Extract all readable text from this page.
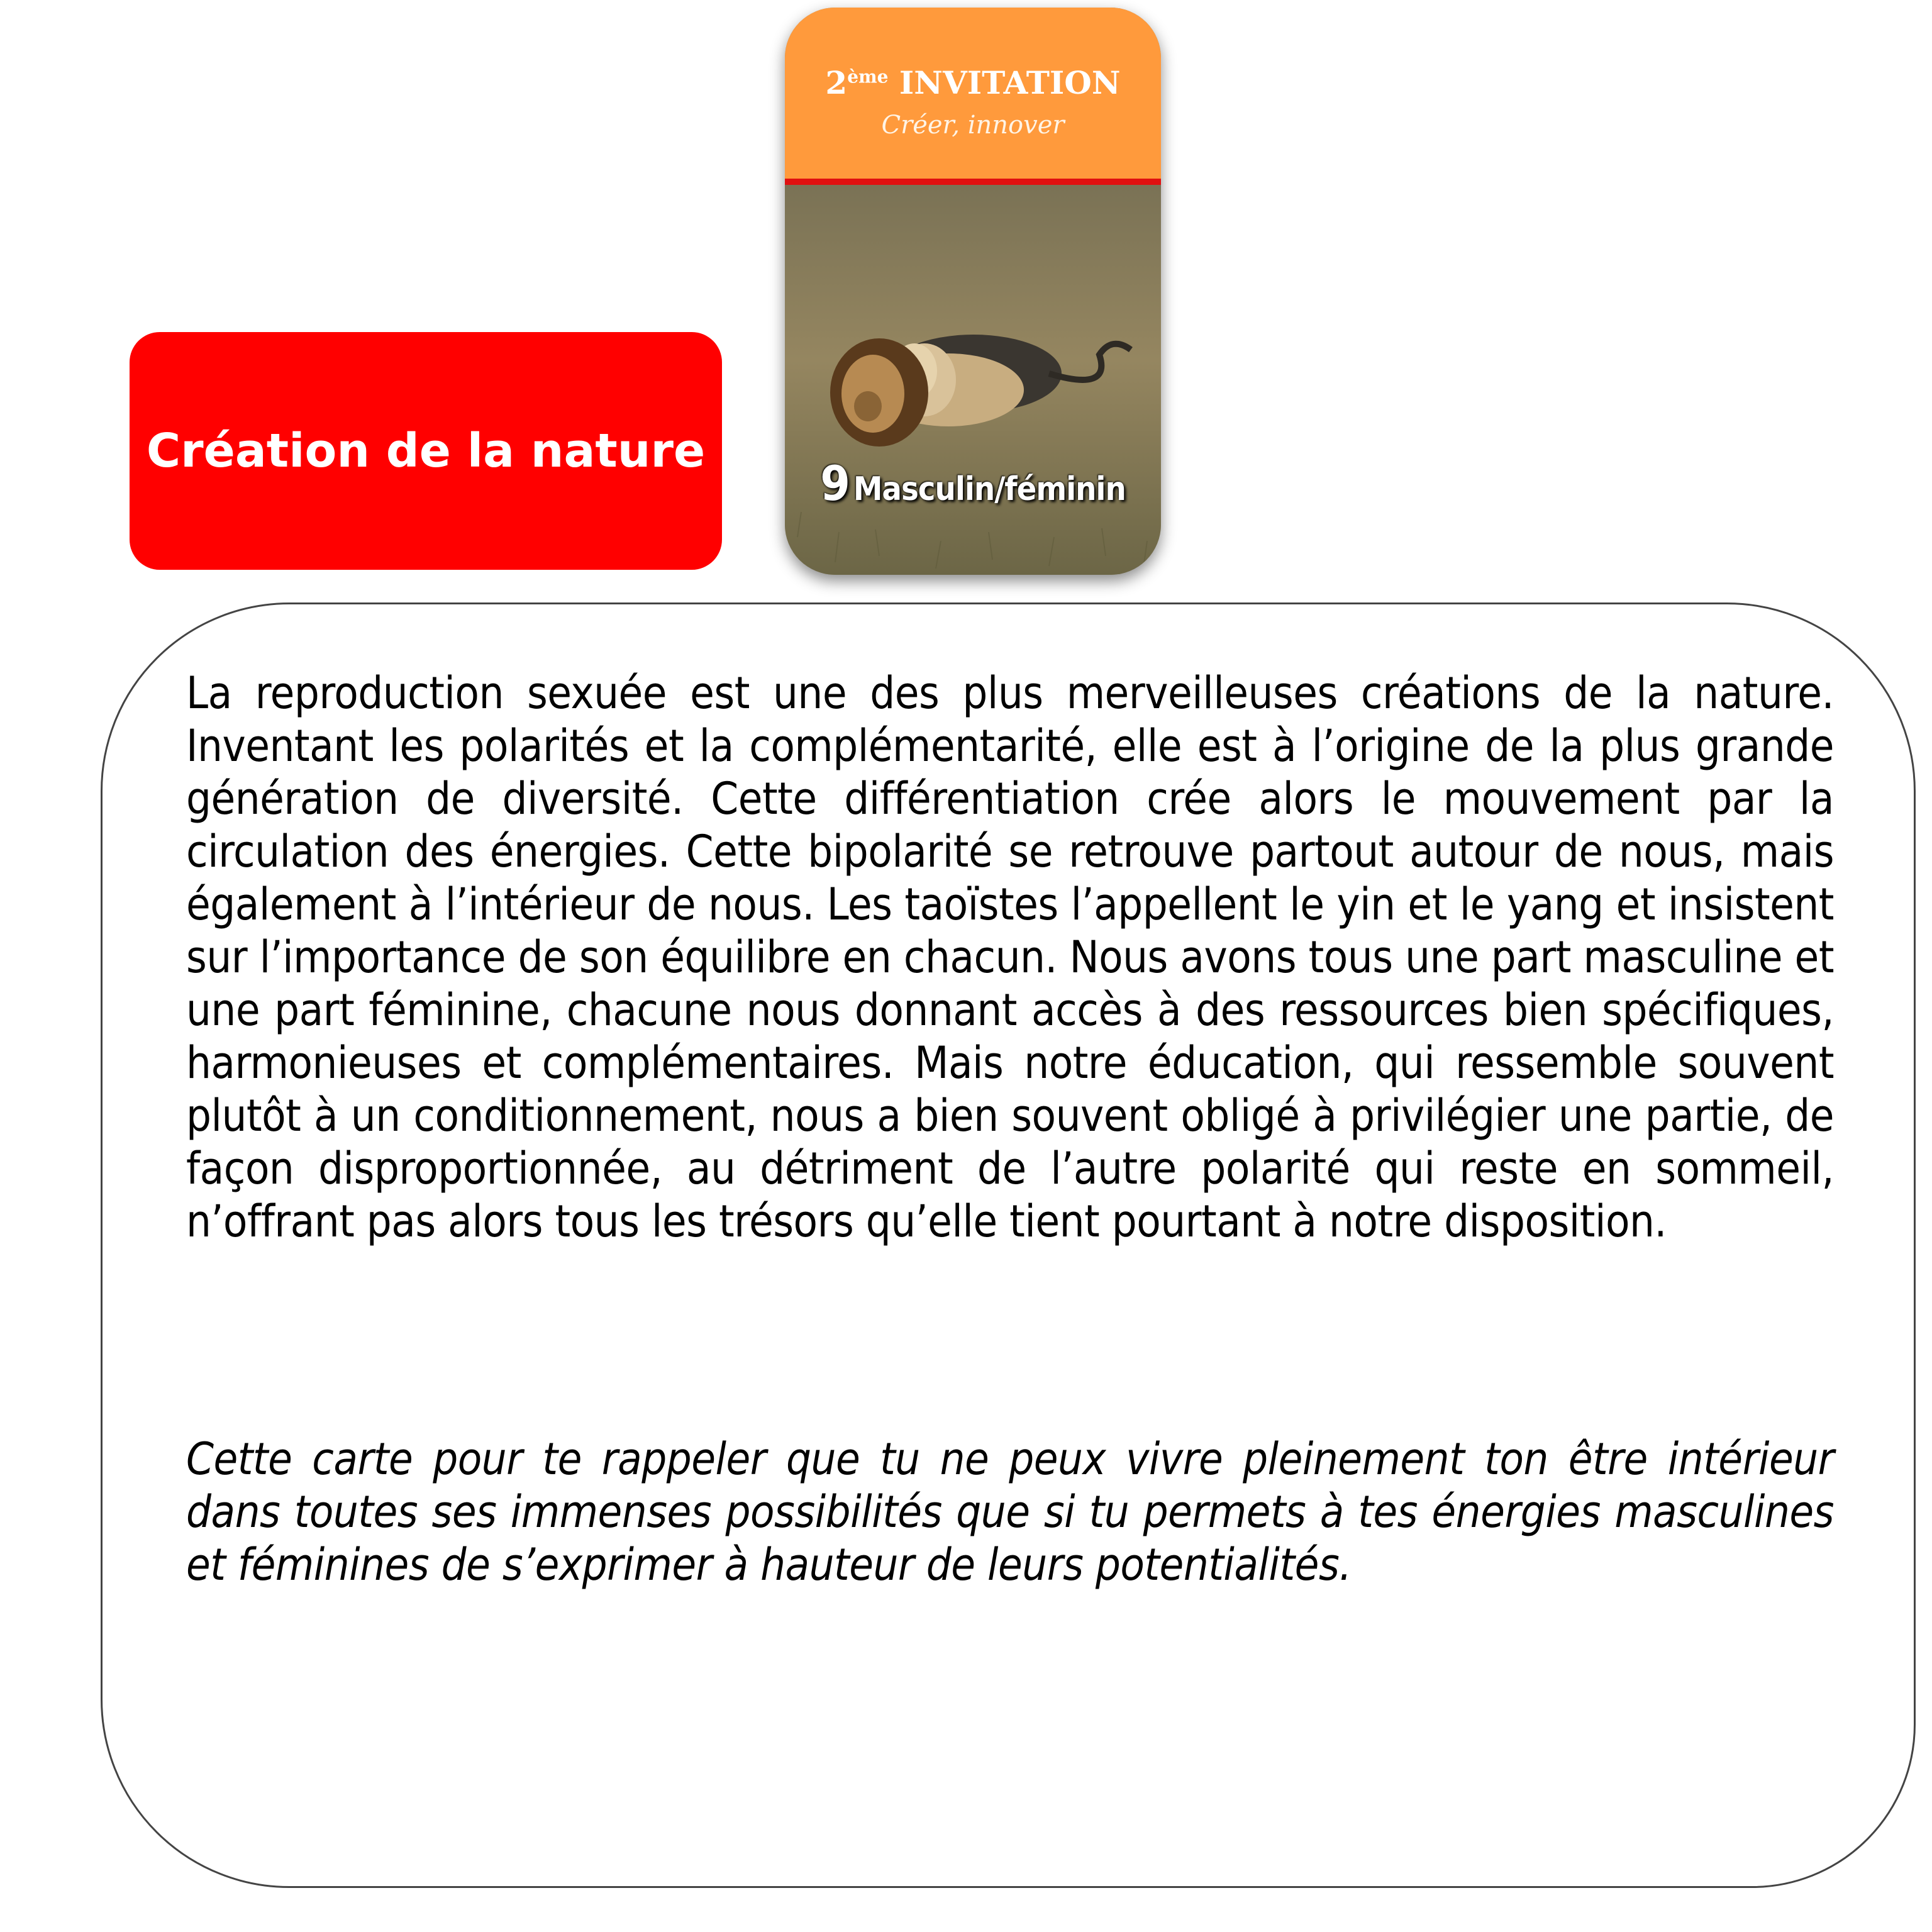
Création de la nature
2ème INVITATION
Créer, innover
9 Masculin/féminin

La reproduction sexuée est une des plus merveilleuses créations de la nature. Inventant les polarités et la complémentarité, elle est à l’origine de la plus grande génération de diversité. Cette différentiation crée alors le mouvement par la circulation des énergies. Cette bipolarité se retrouve partout autour de nous, mais également à l’intérieur de nous. Les taoïstes l’appellent le yin et le yang et insistent sur l’importance de son équilibre en chacun. Nous avons tous une part masculine et une part féminine, chacune nous donnant accès à des ressources bien spécifiques, harmonieuses et complémentaires. Mais notre éducation, qui ressemble souvent plutôt à un conditionnement, nous a bien souvent obligé à privilégier une partie, de façon disproportionnée, au détriment de l’autre polarité qui reste en sommeil, n’offrant pas alors tous les trésors qu’elle tient pourtant à notre disposition.

Cette carte pour te rappeler que tu ne peux vivre pleinement ton être intérieur dans toutes ses immenses possibilités que si tu permets à tes énergies masculines et féminines de s’exprimer à hauteur de leurs potentialités.
